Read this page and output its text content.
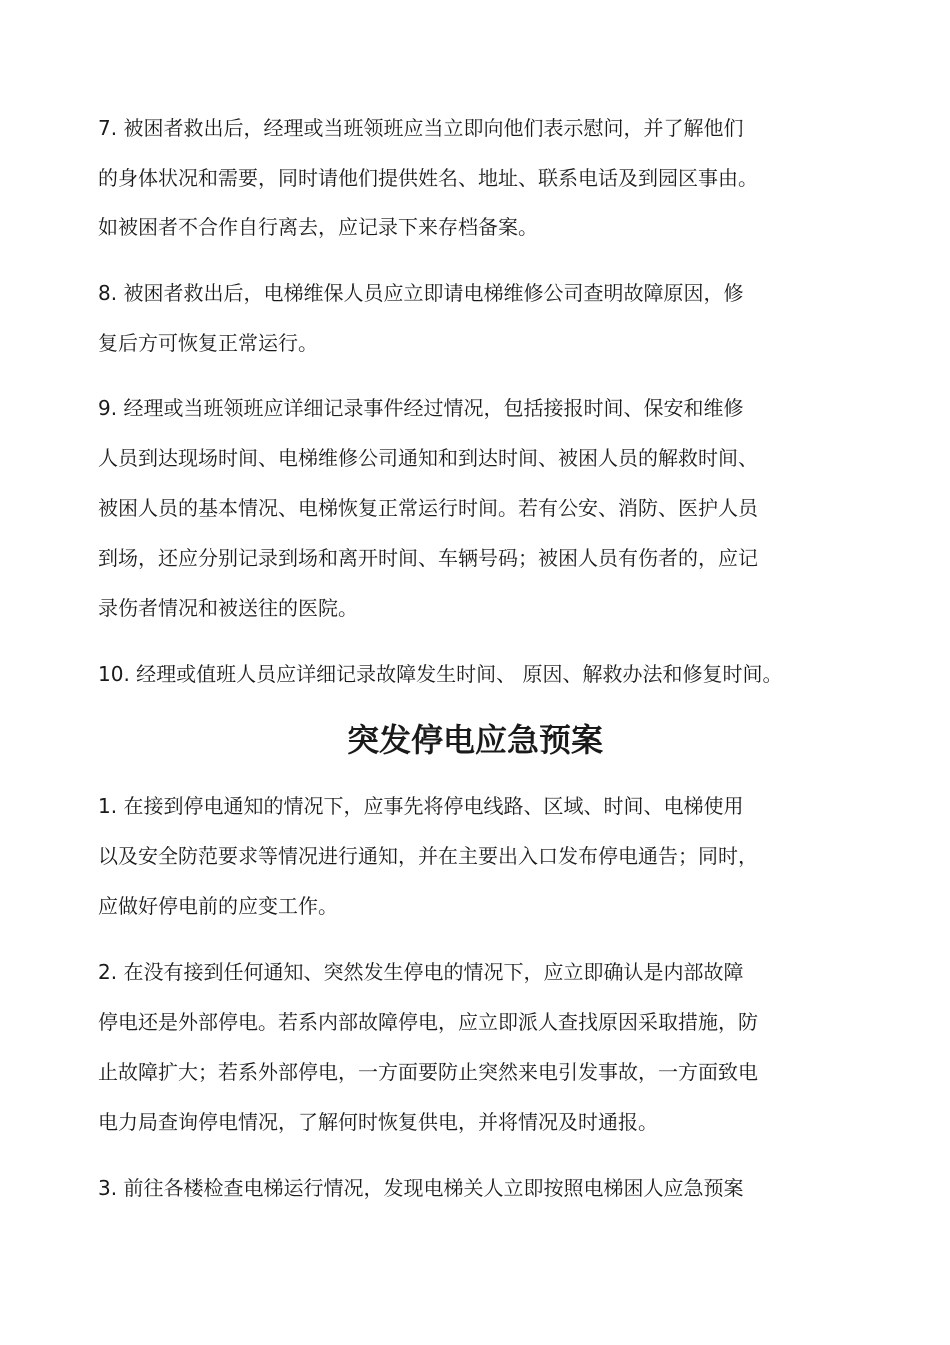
7. 被困者救出后，经理或当班领班应当立即向他们表示慰问，并了解他们

的身体状况和需要，同时请他们提供姓名、地址、联系电话及到园区事由。

如被困者不合作自行离去，应记录下来存档备案。

8. 被困者救出后，电梯维保人员应立即请电梯维修公司查明故障原因，修

复后方可恢复正常运行。

9. 经理或当班领班应详细记录事件经过情况，包括接报时间、保安和维修

人员到达现场时间、电梯维修公司通知和到达时间、被困人员的解救时间、

被困人员的基本情况、电梯恢复正常运行时间。若有公安、消防、医护人员

到场，还应分别记录到场和离开时间、车辆号码；被困人员有伤者的，应记

录伤者情况和被送往的医院。

10. 经理或值班人员应详细记录故障发生时间、 原因、解救办法和修复时间。

突发停电应急预案

1. 在接到停电通知的情况下，应事先将停电线路、区域、时间、电梯使用

以及安全防范要求等情况进行通知，并在主要出入口发布停电通告；同时，

应做好停电前的应变工作。

2. 在没有接到任何通知、突然发生停电的情况下，应立即确认是内部故障

停电还是外部停电。若系内部故障停电，应立即派人查找原因采取措施，防

止故障扩大；若系外部停电，一方面要防止突然来电引发事故，一方面致电

电力局查询停电情况，了解何时恢复供电，并将情况及时通报。

3. 前往各楼检查电梯运行情况，发现电梯关人立即按照电梯困人应急预案
